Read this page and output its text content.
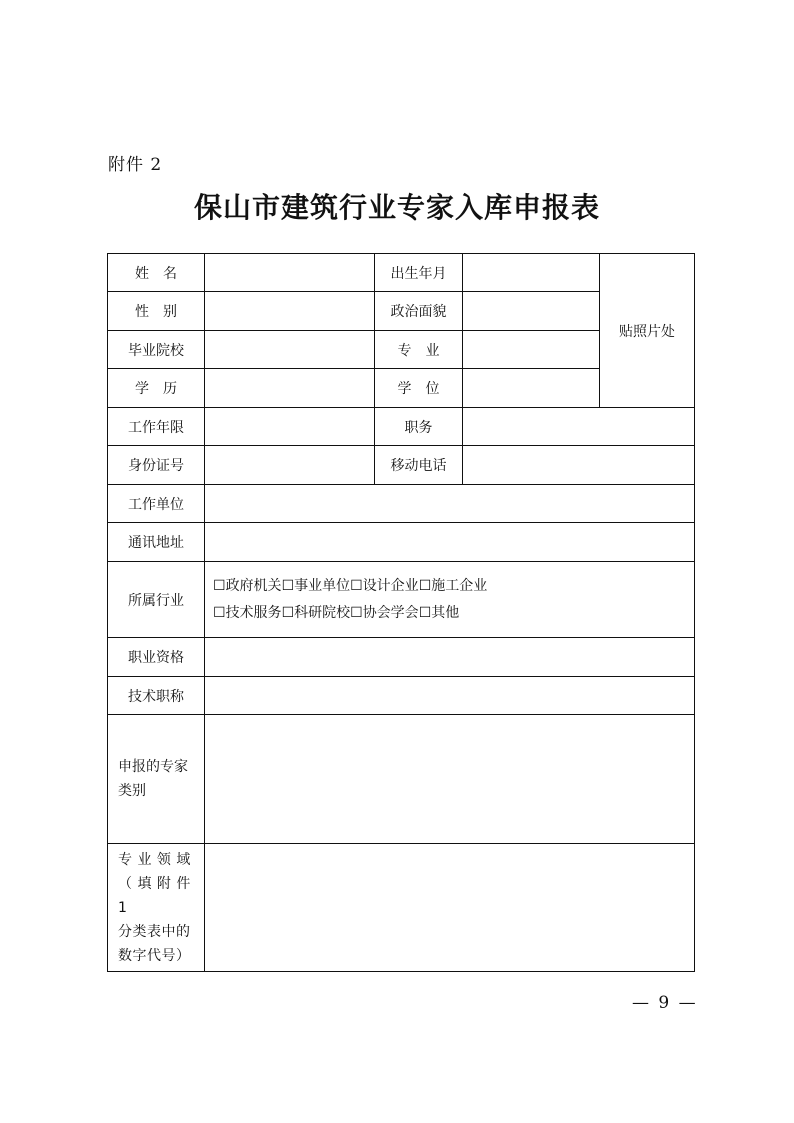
附件 2
保山市建筑行业专家入库申报表
姓　名		出生年月		贴照片处
性　别		政治面貌		
毕业院校		专　业		
学　历		学　位		
工作年限		职务		
身份证号		移动电话		
工作单位				
通讯地址				
所属行业	☐政府机关☐事业单位☐设计企业☐施工企业
☐技术服务☐科研院校☐协会学会☐其他			

职业资格				
技术职称				

申报的专家
类别				

专 业 领 域
（ 填 附 件 1
分类表中的
数字代号）				

— 9 —
